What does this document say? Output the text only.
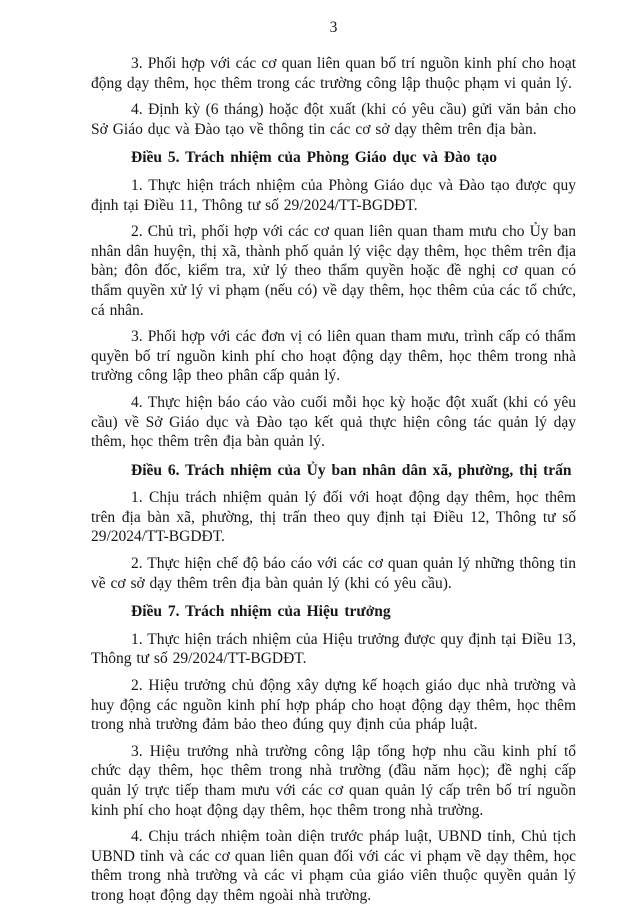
3

3. Phối hợp với các cơ quan liên quan bố trí nguồn kinh phí cho hoạt động dạy thêm, học thêm trong các trường công lập thuộc phạm vi quản lý.

4. Định kỳ (6 tháng) hoặc đột xuất (khi có yêu cầu) gửi văn bản cho Sở Giáo dục và Đào tạo về thông tin các cơ sở dạy thêm trên địa bàn.

Điều 5. Trách nhiệm của Phòng Giáo dục và Đào tạo

1. Thực hiện trách nhiệm của Phòng Giáo dục và Đào tạo được quy định tại Điều 11, Thông tư số 29/2024/TT-BGDĐT.

2. Chủ trì, phối hợp với các cơ quan liên quan tham mưu cho Ủy ban nhân dân huyện, thị xã, thành phố quản lý việc dạy thêm, học thêm trên địa bàn; đôn đốc, kiểm tra, xử lý theo thẩm quyền hoặc đề nghị cơ quan có thẩm quyền xử lý vi phạm (nếu có) về dạy thêm, học thêm của các tổ chức, cá nhân.

3. Phối hợp với các đơn vị có liên quan tham mưu, trình cấp có thẩm quyền bố trí nguồn kinh phí cho hoạt động dạy thêm, học thêm trong nhà trường công lập theo phân cấp quản lý.

4. Thực hiện báo cáo vào cuối mỗi học kỳ hoặc đột xuất (khi có yêu cầu) về Sở Giáo dục và Đào tạo kết quả thực hiện công tác quản lý dạy thêm, học thêm trên địa bàn quản lý.

Điều 6. Trách nhiệm của Ủy ban nhân dân xã, phường, thị trấn

1. Chịu trách nhiệm quản lý đối với hoạt động dạy thêm, học thêm trên địa bàn xã, phường, thị trấn theo quy định tại Điều 12, Thông tư số 29/2024/TT-BGDĐT.

2. Thực hiện chế độ báo cáo với các cơ quan quản lý những thông tin về cơ sở dạy thêm trên địa bàn quản lý (khi có yêu cầu).

Điều 7. Trách nhiệm của Hiệu trưởng

1. Thực hiện trách nhiệm của Hiệu trưởng được quy định tại Điều 13, Thông tư số 29/2024/TT-BGDĐT.

2. Hiệu trưởng chủ động xây dựng kế hoạch giáo dục nhà trường và huy động các nguồn kinh phí hợp pháp cho hoạt động dạy thêm, học thêm trong nhà trường đảm bảo theo đúng quy định của pháp luật.

3. Hiệu trưởng nhà trường công lập tổng hợp nhu cầu kinh phí tổ chức dạy thêm, học thêm trong nhà trường (đầu năm học); đề nghị cấp quản lý trực tiếp tham mưu với các cơ quan quản lý cấp trên bố trí nguồn kinh phí cho hoạt động dạy thêm, học thêm trong nhà trường.

4. Chịu trách nhiệm toàn diện trước pháp luật, UBND tỉnh, Chủ tịch UBND tỉnh và các cơ quan liên quan đối với các vi phạm về dạy thêm, học thêm trong nhà trường và các vi phạm của giáo viên thuộc quyền quản lý trong hoạt động dạy thêm ngoài nhà trường.
